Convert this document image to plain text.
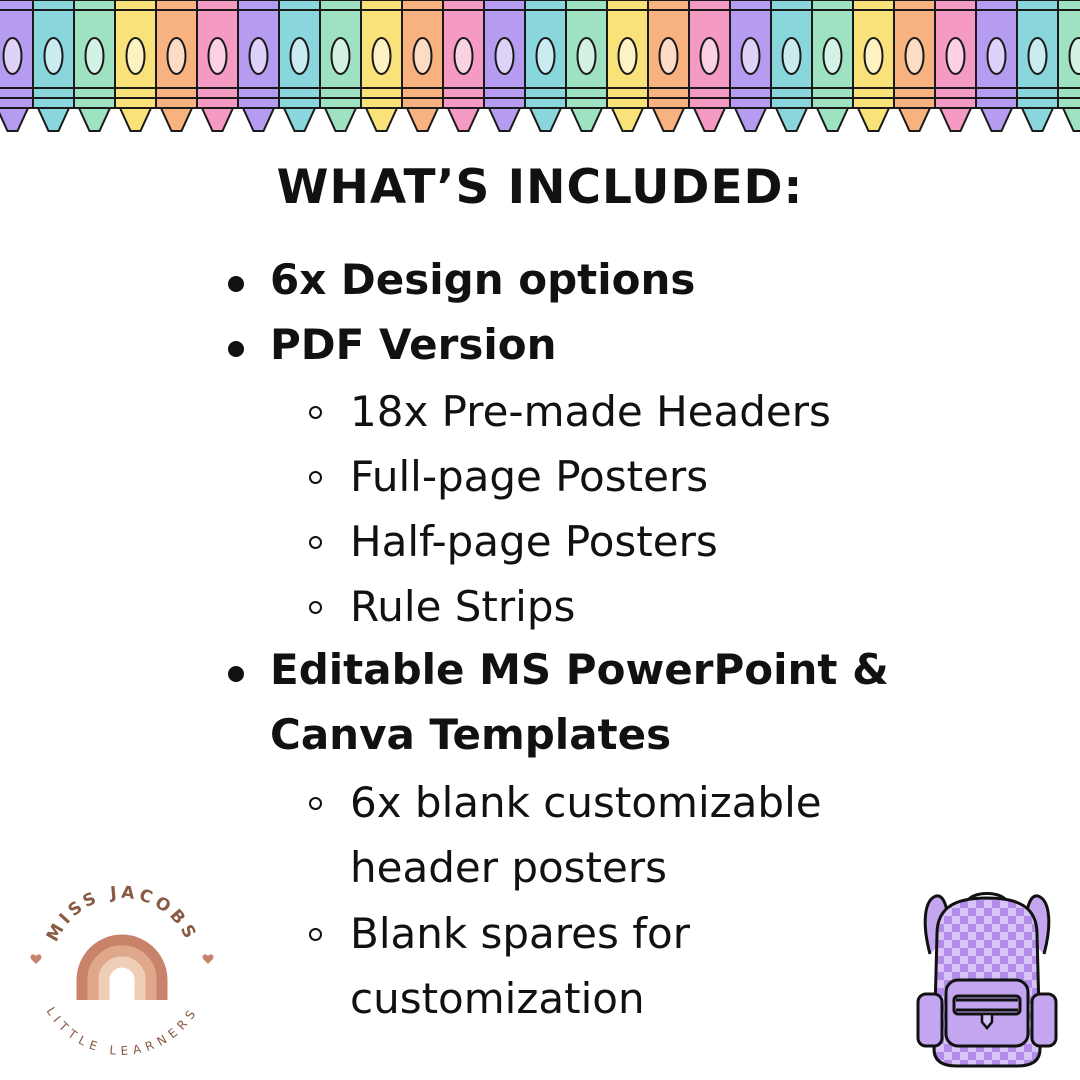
WHAT’S INCLUDED:
6x Design options
PDF Version
18x Pre-made Headers
Full-page Posters
Half-page Posters
Rule Strips
Editable MS PowerPoint &
Canva Templates
6x blank customizable
header posters
Blank spares for
customization
MISS JACOBS
LITTLE LEARNERS
